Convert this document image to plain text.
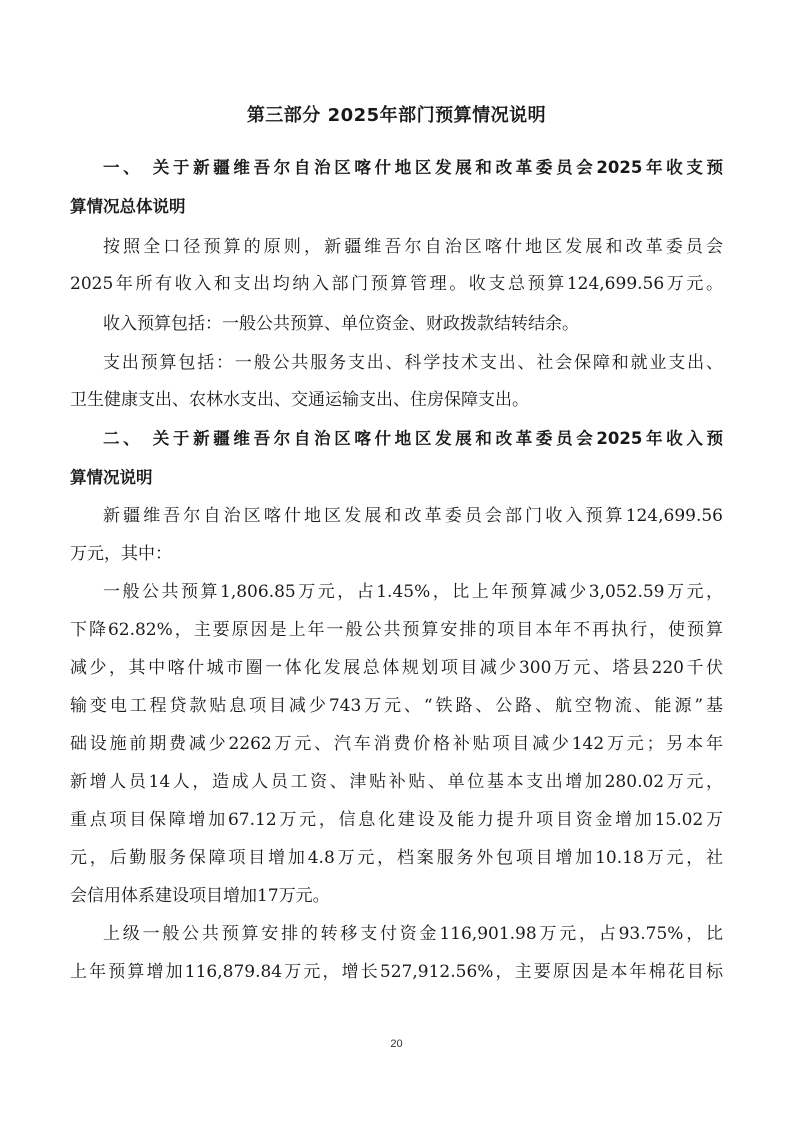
第三部分 2025年部门预算情况说明
一、 关于新疆维吾尔自治区喀什地区发展和改革委员会2025年收支预
算情况总体说明
按照全口径预算的原则，新疆维吾尔自治区喀什地区发展和改革委员会
2025年所有收入和支出均纳入部门预算管理。收支总预算124,699.56万元。
收入预算包括：一般公共预算、单位资金、财政拨款结转结余。
支出预算包括：一般公共服务支出、科学技术支出、社会保障和就业支出、
卫生健康支出、农林水支出、交通运输支出、住房保障支出。
二、 关于新疆维吾尔自治区喀什地区发展和改革委员会2025年收入预
算情况说明
新疆维吾尔自治区喀什地区发展和改革委员会部门收入预算124,699.56
万元，其中：
一般公共预算1,806.85万元，占1.45%，比上年预算减少3,052.59万元，
下降62.82%，主要原因是上年一般公共预算安排的项目本年不再执行，使预算
减少，其中喀什城市圈一体化发展总体规划项目减少300万元、塔县220千伏
输变电工程贷款贴息项目减少743万元、“铁路、公路、航空物流、能源”基
础设施前期费减少2262万元、汽车消费价格补贴项目减少142万元；另本年
新增人员14人，造成人员工资、津贴补贴、单位基本支出增加280.02万元，
重点项目保障增加67.12万元，信息化建设及能力提升项目资金增加15.02万
元，后勤服务保障项目增加4.8万元，档案服务外包项目增加10.18万元，社
会信用体系建设项目增加17万元。
上级一般公共预算安排的转移支付资金116,901.98万元，占93.75%，比
上年预算增加116,879.84万元，增长527,912.56%，主要原因是本年棉花目标
20
